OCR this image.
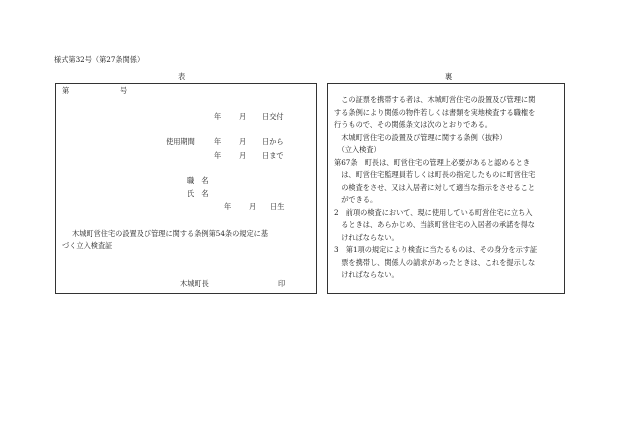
様式第32号（第27条関係）
表	裏
第	号
年 月 日交付
使用期間	年 月 日から
年 月 日まで
職　名
氏　名
年 月 日生
木城町営住宅の設置及び管理に関する条例第54条の規定に基
づく立入検査証
木城町長	印
　この証票を携帯する者は、木城町営住宅の設置及び管理に関
する条例により関係の物件若しくは書類を実地検査する職権を
行うもので、その関係条文は次のとおりである。
　木城町営住宅の設置及び管理に関する条例（抜粋）
　（立入検査）
第67条　町長は、町営住宅の管理上必要があると認めるとき
　は、町営住宅監理員若しくは町長の指定したものに町営住宅
　の検査をさせ、又は入居者に対して適当な指示をさせること
　ができる。
2　前項の検査において、現に使用している町営住宅に立ち入
　るときは、あらかじめ、当該町営住宅の入居者の承諾を得な
　ければならない。
3　第1項の規定により検査に当たるものは、その身分を示す証
　票を携帯し、関係人の請求があったときは、これを提示しな
　ければならない。
